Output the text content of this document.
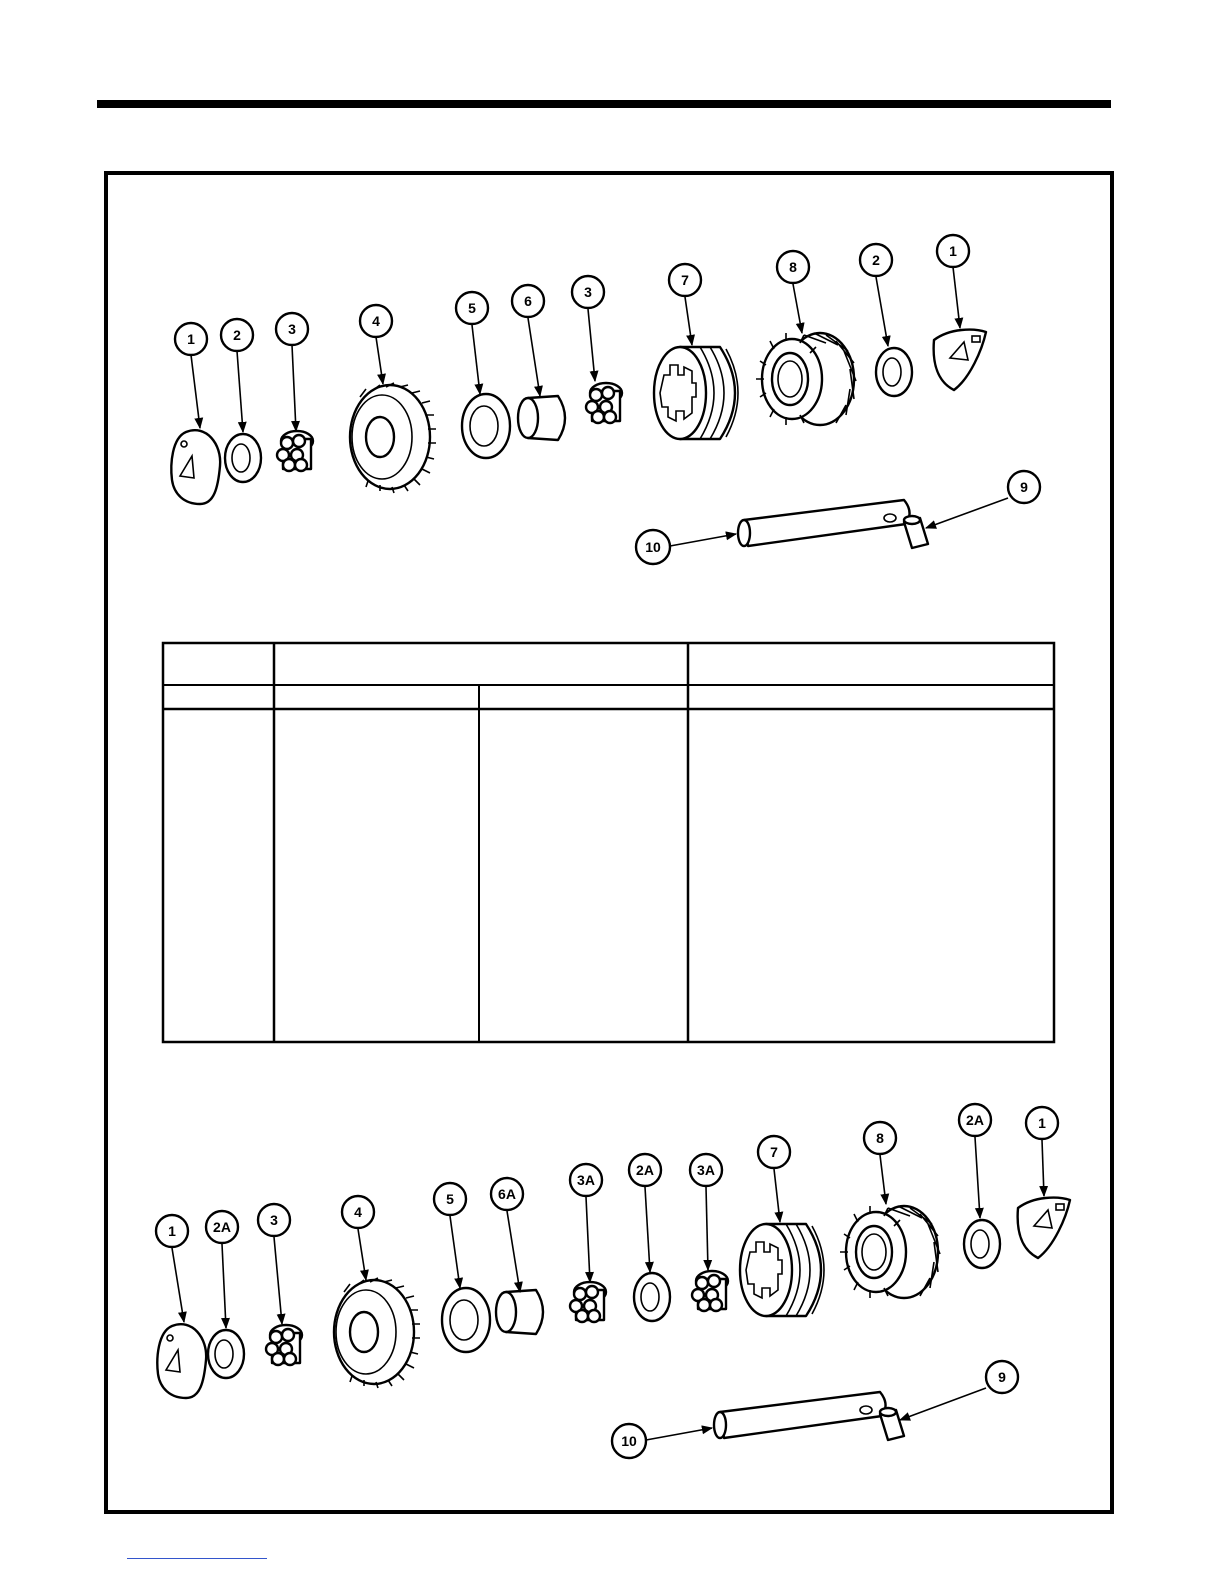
1	2	3	4
5	6
3
7
8	2
1
9
10
1	2A	3	4
5	6A
3A
2A	3A
7
8
2A	1
9
10
